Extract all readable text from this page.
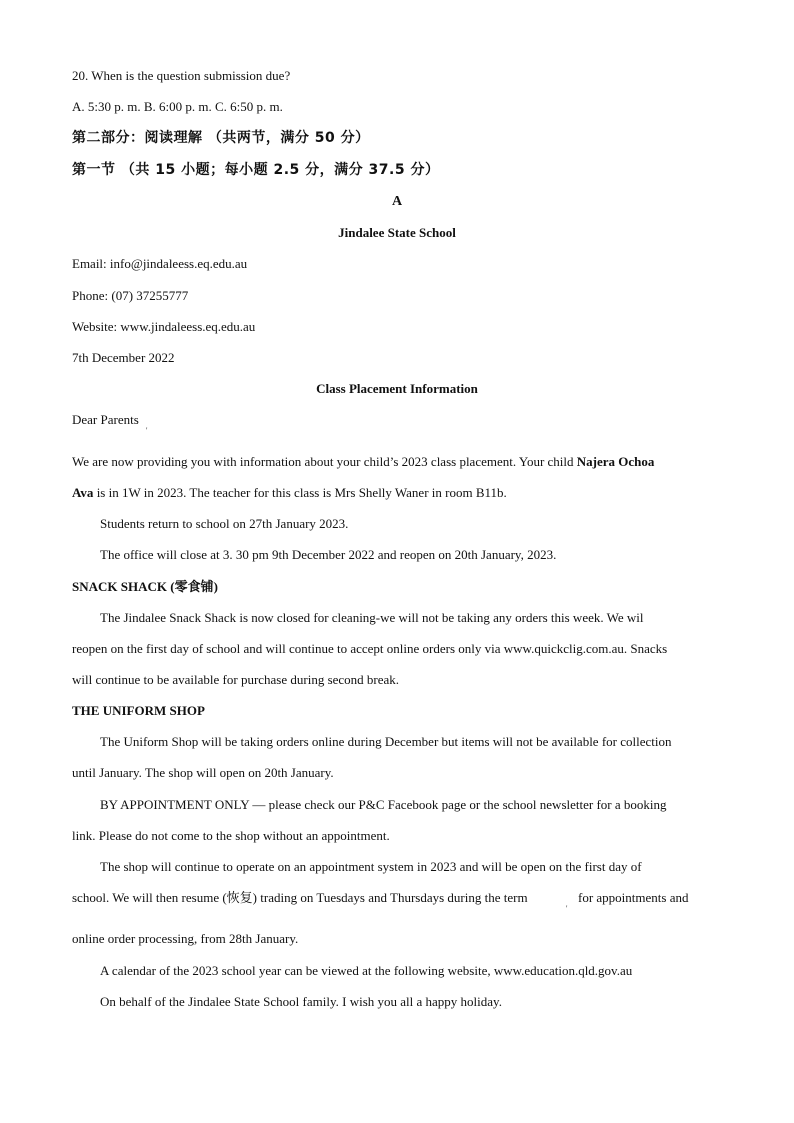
20. When is the question submission due?
A. 5:30 p. m. B. 6:00 p. m. C. 6:50 p. m.
第二部分：阅读理解 （共两节，满分 50 分）
第一节 （共 15 小题；每小题 2.5 分，满分 37.5 分）
A
Jindalee State School
Email: info@jindaleess.eq.edu.au
Phone: (07) 37255777
Website: www.jindaleess.eq.edu.au
7th December 2022
Class Placement Information
Dear Parents
'
We are now providing you with information about your child’s 2023 class placement. Your child Najera Ochoa
Ava is in 1W in 2023. The teacher for this class is Mrs Shelly Waner in room B11b.
Students return to school on 27th January 2023.
The office will close at 3. 30 pm 9th December 2022 and reopen on 20th January, 2023.
SNACK SHACK (零食铺)
The Jindalee Snack Shack is now closed for cleaning-we will not be taking any orders this week. We wil
reopen on the first day of school and will continue to accept online orders only via www.quickclig.com.au. Snacks
will continue to be available for purchase during second break.
THE UNIFORM SHOP
The Uniform Shop will be taking orders online during December but items will not be available for collection
until January. The shop will open on 20th January.
BY APPOINTMENT ONLY — please check our P&C Facebook page or the school newsletter for a booking
link. Please do not come to the shop without an appointment.
The shop will continue to operate on an appointment system in 2023 and will be open on the first day of
school. We will then resume (恢复) trading on Tuesdays and Thursdays during the term	for appointments and
'
online order processing, from 28th January.
A calendar of the 2023 school year can be viewed at the following website, www.education.qld.gov.au
On behalf of the Jindalee State School family. I wish you all a happy holiday.
